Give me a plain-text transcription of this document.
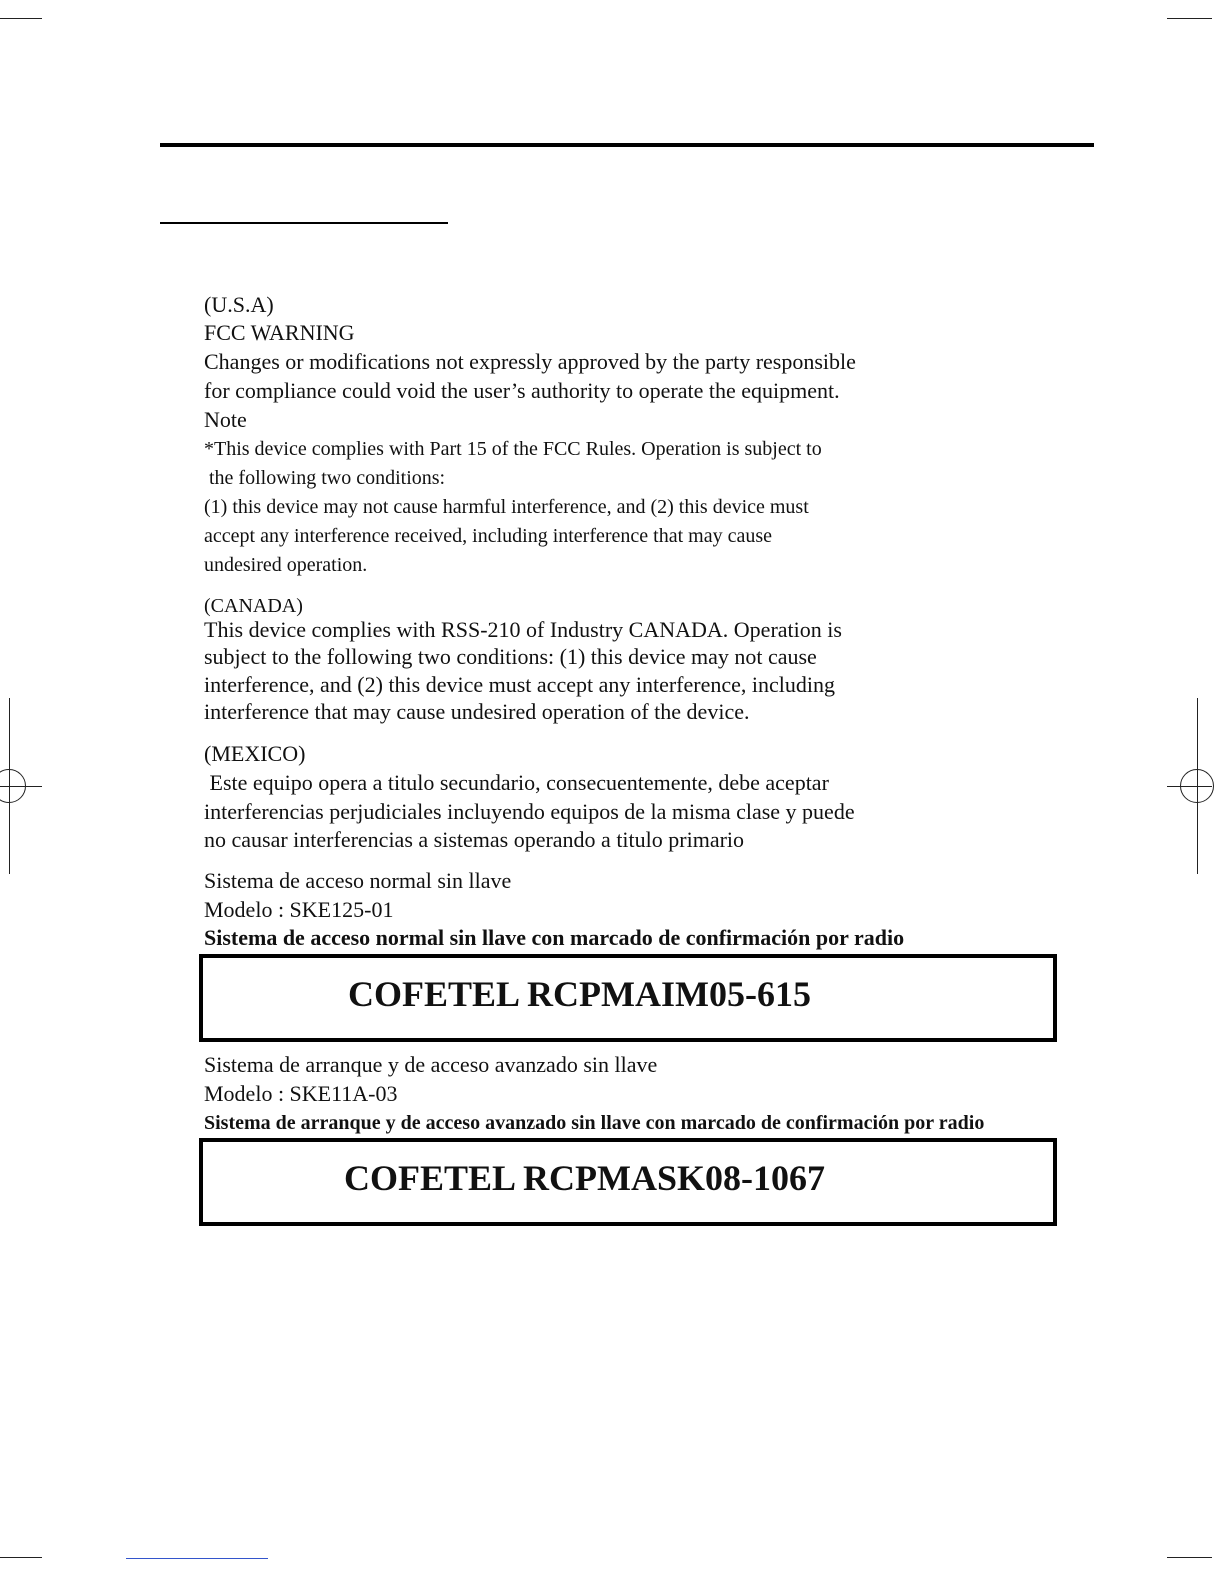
(U.S.A)
FCC WARNING
Changes or modifications not expressly approved by the party responsible
for compliance could void the user’s authority to operate the equipment.
Note
*This device complies with Part 15 of the FCC Rules. Operation is subject to
the following two conditions:
(1) this device may not cause harmful interference, and (2) this device must
accept any interference received, including interference that may cause
undesired operation.
(CANADA)
This device complies with RSS-210 of Industry CANADA. Operation is
subject to the following two conditions: (1) this device may not cause
interference, and (2) this device must accept any interference, including
interference that may cause undesired operation of the device.
(MEXICO)
Este equipo opera a titulo secundario, consecuentemente, debe aceptar
interferencias perjudiciales incluyendo equipos de la misma clase y puede
no causar interferencias a sistemas operando a titulo primario
Sistema de acceso normal sin llave
Modelo : SKE125-01
Sistema de acceso normal sin llave con marcado de confirmación por radio
COFETEL RCPMAIM05-615
Sistema de arranque y de acceso avanzado sin llave
Modelo : SKE11A-03
Sistema de arranque y de acceso avanzado sin llave con marcado de confirmación por radio
COFETEL RCPMASK08-1067
